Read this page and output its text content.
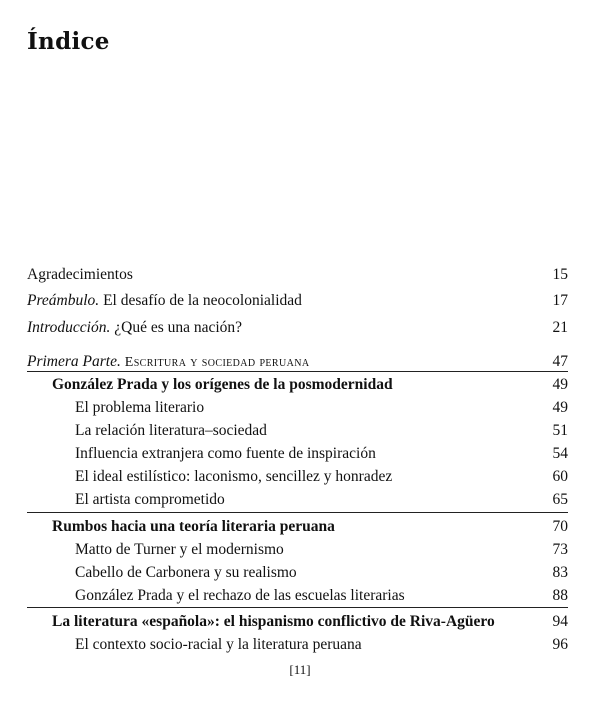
Índice
Agradecimientos	15
Preámbulo. El desafío de la neocolonialidad	17
Introducción. ¿Qué es una nación?	21
Primera Parte. Escritura y sociedad peruana	47
González Prada y los orígenes de la posmodernidad	49
El problema literario	49
La relación literatura–sociedad	51
Influencia extranjera como fuente de inspiración	54
El ideal estilístico: laconismo, sencillez y honradez	60
El artista comprometido	65
Rumbos hacia una teoría literaria peruana	70
Matto de Turner y el modernismo	73
Cabello de Carbonera y su realismo	83
González Prada y el rechazo de las escuelas literarias	88
La literatura «española»: el hispanismo conflictivo de Riva-Agüero	94
El contexto socio-racial y la literatura peruana	96
[11]
